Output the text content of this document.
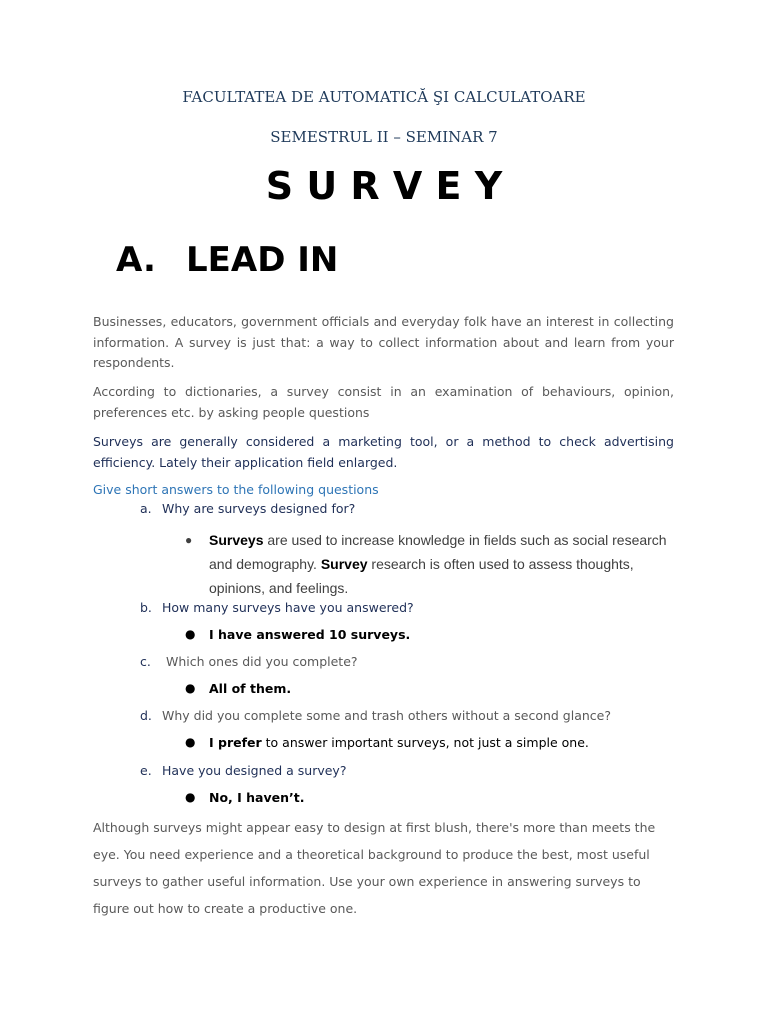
FACULTATEA DE AUTOMATICĂ ŞI CALCULATOARE
SEMESTRUL II – SEMINAR 7
S U R V E Y
A. LEAD IN
Businesses, educators, government officials and everyday folk have an interest in collecting information. A survey is just that: a way to collect information about and learn from your respondents.
According to dictionaries, a survey consist in an examination of behaviours, opinion, preferences etc. by asking people questions
Surveys are generally considered a marketing tool, or a method to check advertising efficiency. Lately their application field enlarged.
Give short answers to the following questions
a. Why are surveys designed for?
● Surveys are used to increase knowledge in fields such as social research and demography. Survey research is often used to assess thoughts, opinions, and feelings.
b. How many surveys have you answered?
● I have answered 10 surveys.
c. Which ones did you complete?
● All of them.
d. Why did you complete some and trash others without a second glance?
● I prefer to answer important surveys, not just a simple one.
e. Have you designed a survey?
● No, I haven’t.
Although surveys might appear easy to design at first blush, there's more than meets the eye. You need experience and a theoretical background to produce the best, most useful surveys to gather useful information. Use your own experience in answering surveys to figure out how to create a productive one.
